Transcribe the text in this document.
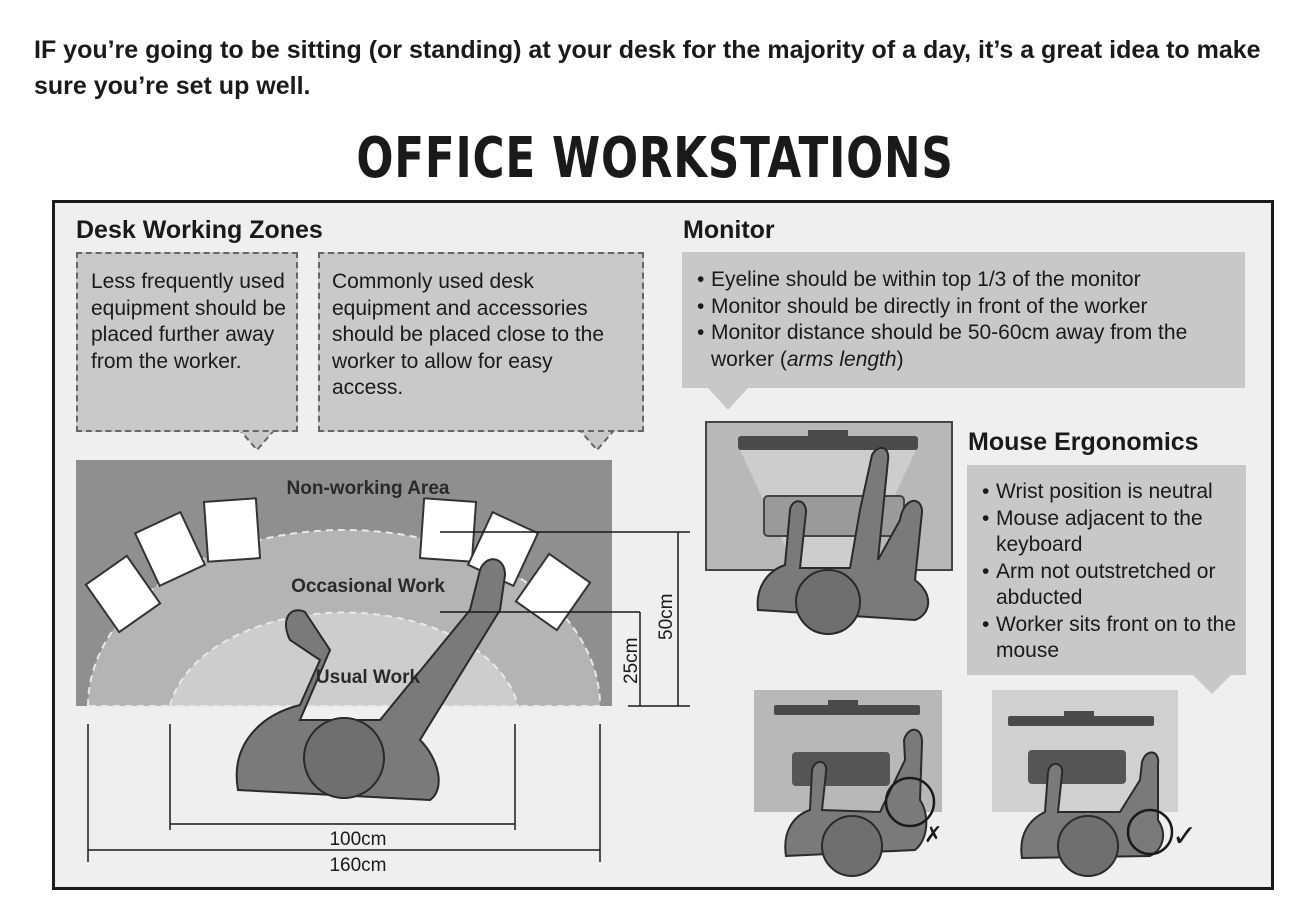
IF you’re going to be sitting (or standing) at your desk for the majority of a day, it’s a great idea to make sure you’re set up well.
OFFICE WORKSTATIONS
Non-working Area
Occasional Work
Usual Work	25cm
50cm
100cm
160cm
✗	✓
Desk Working Zones
Less frequently used equipment should be placed further away from the worker.
Commonly used desk equipment and accessories should be placed close to the worker to allow for easy access.
Monitor
• Eyeline should be within top 1/3 of the monitor
• Monitor should be directly in front of the worker
• Monitor distance should be 50-60cm away from the worker (arms length)
Mouse Ergonomics
• Wrist position is neutral
• Mouse adjacent to the keyboard
• Arm not outstretched or abducted
• Worker sits front on to the mouse
